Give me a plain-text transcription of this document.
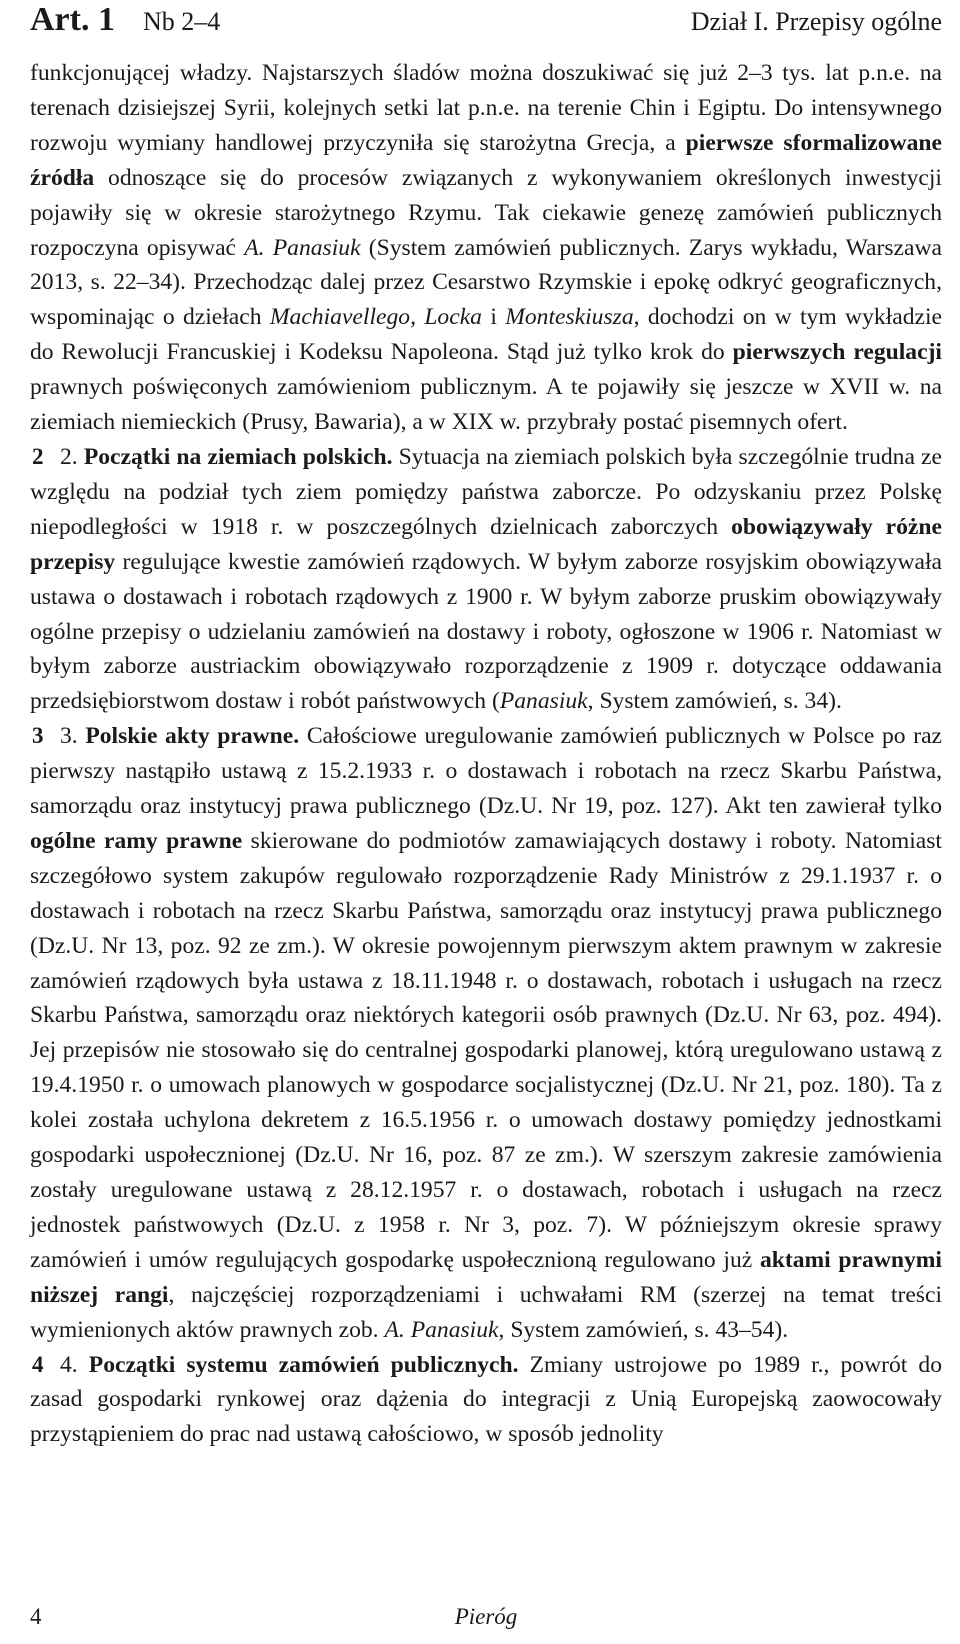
Art. 1 Nb 2–4	Dział I. Przepisy ogólne

funkcjonującej władzy. Najstarszych śladów można doszukiwać się już 2–3 tys. lat p.n.e. na terenach dzisiejszej Syrii, kolejnych setki lat p.n.e. na terenie Chin i Egiptu. Do intensywnego rozwoju wymiany handlowej przyczyniła się starożytna Grecja, a pierwsze sformalizowane źródła odnoszące się do procesów związanych z wykonywaniem określonych inwestycji pojawiły się w okresie starożytnego Rzymu. Tak ciekawie genezę zamówień publicznych rozpoczyna opisywać A. Panasiuk (System zamówień publicznych. Zarys wykładu, Warszawa 2013, s. 22–34). Przechodząc dalej przez Cesarstwo Rzymskie i epokę odkryć geograficznych, wspominając o dziełach Machiavellego, Locka i Monteskiusza, dochodzi on w tym wykładzie do Rewolucji Francuskiej i Kodeksu Napoleona. Stąd już tylko krok do pierwszych regulacji prawnych poświęconych zamówieniom publicznym. A te pojawiły się jeszcze w XVII w. na ziemiach niemieckich (Prusy, Bawaria), a w XIX w. przybrały postać pisemnych ofert.

2 2. Początki na ziemiach polskich. Sytuacja na ziemiach polskich była szczególnie trudna ze względu na podział tych ziem pomiędzy państwa zaborcze. Po odzyskaniu przez Polskę niepodległości w 1918 r. w poszczególnych dzielnicach zaborczych obowiązywały różne przepisy regulujące kwestie zamówień rządowych. W byłym zaborze rosyjskim obowiązywała ustawa o dostawach i robotach rządowych z 1900 r. W byłym zaborze pruskim obowiązywały ogólne przepisy o udzielaniu zamówień na dostawy i roboty, ogłoszone w 1906 r. Natomiast w byłym zaborze austriackim obowiązywało rozporządzenie z 1909 r. dotyczące oddawania przedsiębiorstwom dostaw i robót państwowych (Panasiuk, System zamówień, s. 34).

3 3. Polskie akty prawne. Całościowe uregulowanie zamówień publicznych w Polsce po raz pierwszy nastąpiło ustawą z 15.2.1933 r. o dostawach i robotach na rzecz Skarbu Państwa, samorządu oraz instytucyj prawa publicznego (Dz.U. Nr 19, poz. 127). Akt ten zawierał tylko ogólne ramy prawne skierowane do podmiotów zamawiających dostawy i roboty. Natomiast szczegółowo system zakupów regulowało rozporządzenie Rady Ministrów z 29.1.1937 r. o dostawach i robotach na rzecz Skarbu Państwa, samorządu oraz instytucyj prawa publicznego (Dz.U. Nr 13, poz. 92 ze zm.). W okresie powojennym pierwszym aktem prawnym w zakresie zamówień rządowych była ustawa z 18.11.1948 r. o dostawach, robotach i usługach na rzecz Skarbu Państwa, samorządu oraz niektórych kategorii osób prawnych (Dz.U. Nr 63, poz. 494). Jej przepisów nie stosowało się do centralnej gospodarki planowej, którą uregulowano ustawą z 19.4.1950 r. o umowach planowych w gospodarce socjalistycznej (Dz.U. Nr 21, poz. 180). Ta z kolei została uchylona dekretem z 16.5.1956 r. o umowach dostawy pomiędzy jednostkami gospodarki uspołecznionej (Dz.U. Nr 16, poz. 87 ze zm.). W szerszym zakresie zamówienia zostały uregulowane ustawą z 28.12.1957 r. o dostawach, robotach i usługach na rzecz jednostek państwowych (Dz.U. z 1958 r. Nr 3, poz. 7). W późniejszym okresie sprawy zamówień i umów regulujących gospodarkę uspołecznioną regulowano już aktami prawnymi niższej rangi, najczęściej rozporządzeniami i uchwałami RM (szerzej na temat treści wymienionych aktów prawnych zob. A. Panasiuk, System zamówień, s. 43–54).

4 4. Początki systemu zamówień publicznych. Zmiany ustrojowe po 1989 r., powrót do zasad gospodarki rynkowej oraz dążenia do integracji z Unią Europejską zaowocowały przystąpieniem do prac nad ustawą całościowo, w sposób jednolity

4	Pieróg
